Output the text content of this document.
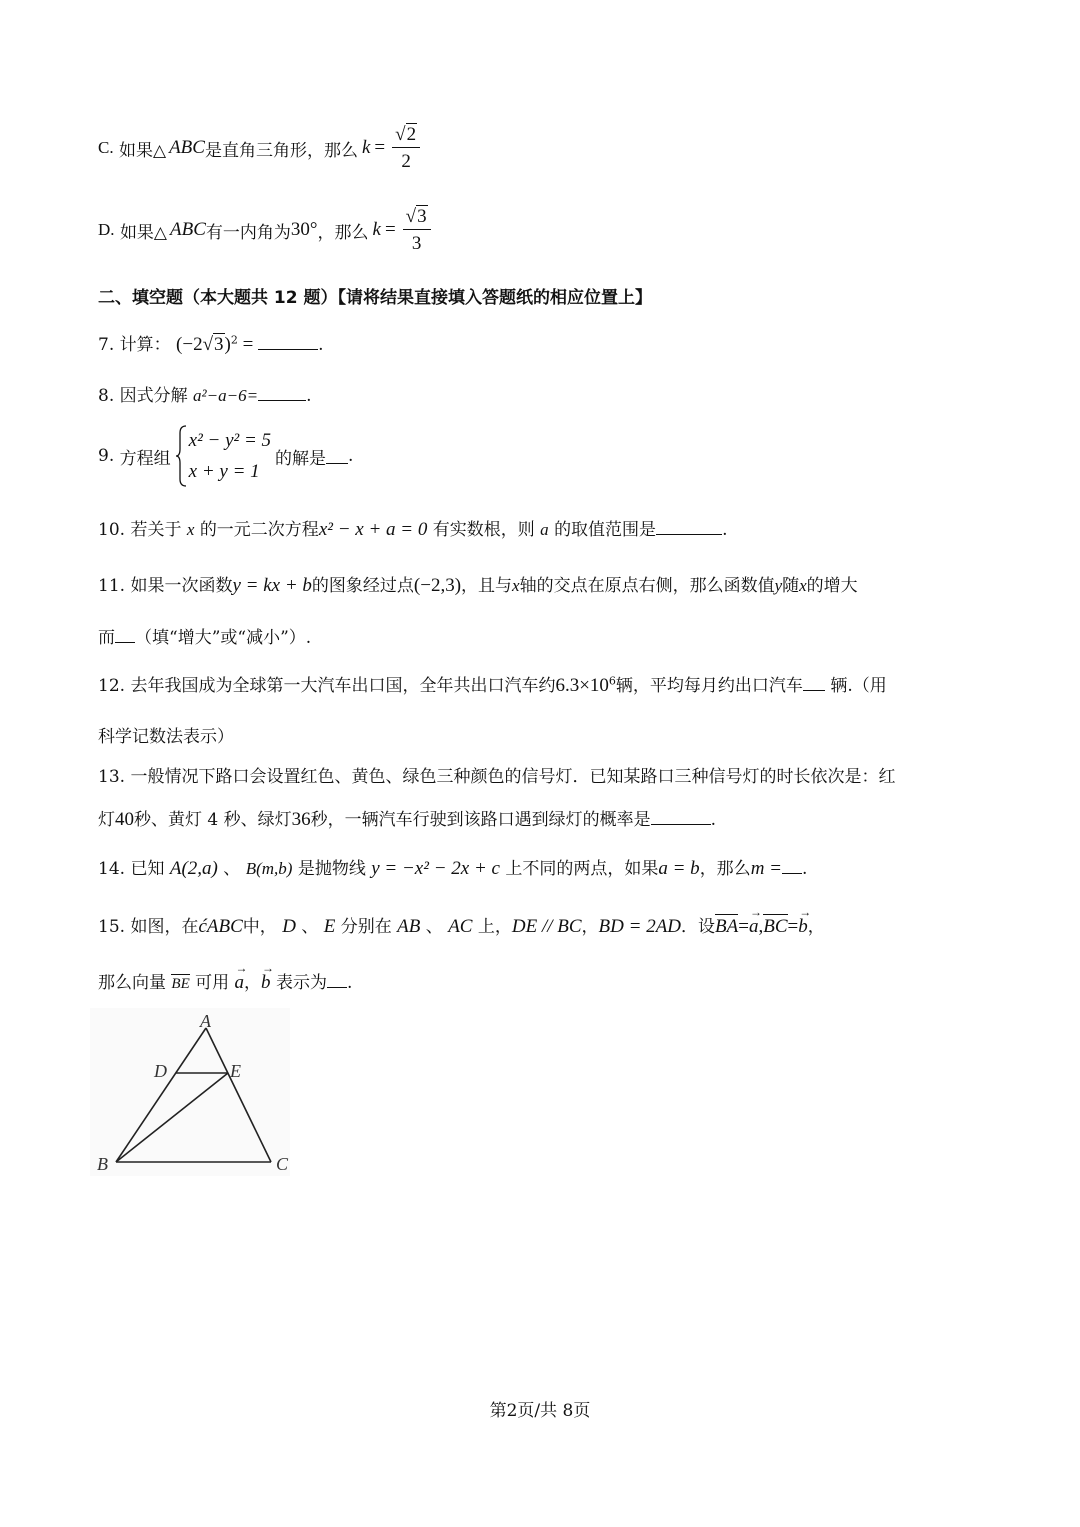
C.
如果△ ABC 是直角三角形，那么 $k = \frac{√2}{2}$
D.
如果△ ABC 有一内角为 30° ，那么 $k = \frac{√3}{3}$
二、填空题（本大题共 12 题）【请将结果直接填入答题纸的相应位置上】
7. 计算： $(-2√3)^2$ =	.
8. 因式分解 a²−a−6=	.
9.
方程组
x² − y² = 5
x + y = 1
的解是 .
10. 若关于 x 的一元二次方程x² − x + a = 0 有实数根，则 a 的取值范围是	.
11. 如果一次函数y = kx + b的图象经过点(−2,3)，且与x轴的交点在原点右侧，那么函数值y随x的增大
而 （填“增大”或“减小”）.
12. 去年我国成为全球第一大汽车出口国，全年共出口汽车约$6.3\times 10^6$辆，平均每月约出口汽车 辆.（用
科学记数法表示）
13. 一般情况下路口会设置红色、黄色、绿色三种颜色的信号灯．已知某路口三种信号灯的时长依次是：红
灯40秒、黄灯 4 秒、绿灯36秒，一辆汽车行驶到该路口遇到绿灯的概率是	.
14. 已知 A(2,a) 、 B(m,b) 是抛物线 y = −x² − 2x + c 上不同的两点，如果a = b，那么m = .
15. 如图，在ćABC中， D 、 E 分别在 AB 、 AC 上，DE // BC，BD = 2AD．设BA=
→
a,BC=
→
b，
那么向量 BE 可用
→
a，
→
b 表示为 .
A
D	E
B	C
第2页/共 8页
